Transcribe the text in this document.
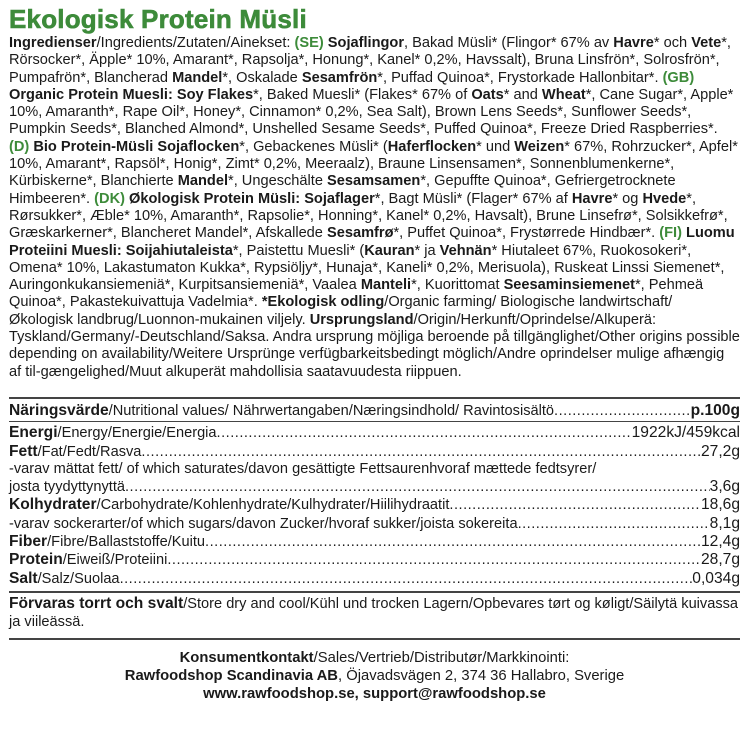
Ekologisk Protein Müsli
Ingredienser/Ingredients/Zutaten/Ainekset: (SE) Sojaflingor, Bakad Müsli* (Flingor* 67% av Havre* och Vete*, Rörsocker*, Äpple* 10%, Amarant*, Rapsolja*, Honung*, Kanel* 0,2%, Havssalt), Bruna Linsfrön*, Solrosfrön*, Pumpafrön*, Blancherad Mandel*, Oskalade Sesamfrön*, Puffad Quinoa*, Frystorkade Hallonbitar*. (GB) Organic Protein Muesli: Soy Flakes*, Baked Muesli* (Flakes* 67% of Oats* and Wheat*, Cane Sugar*, Apple* 10%, Amaranth*, Rape Oil*, Honey*, Cinnamon* 0,2%, Sea Salt), Brown Lens Seeds*, Sunflower Seeds*, Pumpkin Seeds*, Blanched Almond*, Unshelled Sesame Seeds*, Puffed Quinoa*, Freeze Dried Raspberries*. (D) Bio Protein-Müsli Sojaflocken*, Gebackenes Müsli* (Haferflocken* und Weizen* 67%, Rohrzucker*, Apfel* 10%, Amarant*, Rapsöl*, Honig*, Zimt* 0,2%, Meeraalz), Braune Linsensamen*, Sonnenblumenkerne*, Kürbiskerne*, Blanchierte Mandel*, Ungeschälte Sesamsamen*, Gepuffte Quinoa*, Gefriergetrocknete Himbeeren*. (DK) Økologisk Protein Müsli: Sojaflager*, Bagt Müsli* (Flager* 67% af Havre* og Hvede*, Rørsukker*, Æble* 10%, Amaranth*, Rapsolie*, Honning*, Kanel* 0,2%, Havsalt), Brune Linsefrø*, Solsikkefrø*, Græskarkerner*, Blancheret Mandel*, Afskallede Sesamfrø*, Puffet Quinoa*, Frystørrede Hindbær*. (FI) Luomu Proteiini Muesli: Soijahiutaleista*, Paistettu Muesli* (Kauran* ja Vehnän* Hiutaleet 67%, Ruokosokeri*, Omena* 10%, Lakastumaton Kukka*, Rypsiöljy*, Hunaja*, Kaneli* 0,2%, Merisuola), Ruskeat Linssi Siemenet*, Auringonkukansiemeniä*, Kurpitsansiemeniä*, Vaalea Manteli*, Kuorittomat Seesaminsiemenet*, Pehmeä Quinoa*, Pakastekuivattuja Vadelmia*. *Ekologisk odling/Organic farming/ Biologische landwirtschaft/ Økologisk landbrug/Luonnon-mukainen viljely. Ursprungsland/Origin/Herkunft/Oprindelse/Alkuperä: Tyskland/Germany/-Deutschland/Saksa. Andra ursprung möjliga beroende på tillgänglighet/Other origins possible depending on availability/Weitere Ursprünge verfügbarkeitsbedingt möglich/Andre oprindelser mulige afhængig af til-gængelighed/Muut alkuperät mahdollisia saatavuudesta riippuen.
Näringsvärde/Nutritional values/ Nährwertangaben/Næringsindhold/ Ravintosisältö .....	p.100g
Energi/Energy/Energie/Energia .....	1922kJ/459kcal
Fett/Fat/Fedt/Rasva .....	27,2g
-varav mättat fett/ of which saturates/davon gesättigte Fettsaurenhvoraf mættede fedtsyrer/
josta tyydyttynyttä .....	3,6g
Kolhydrater/Carbohydrate/Kohlenhydrate/Kulhydrater/Hiilihydraatit .....	18,6g
-varav sockerarter/of which sugars/davon Zucker/hvoraf sukker/joista sokereita .....	8,1g
Fiber/Fibre/Ballaststoffe/Kuitu .....	12,4g
Protein/Eiweiß/Proteiini .....	28,7g
Salt/Salz/Suolaa .....	0,034g
Förvaras torrt och svalt/Store dry and cool/Kühl und trocken Lagern/Opbevares tørt og køligt/Säilytä kuivassa ja viileässä.
Konsumentkontakt/Sales/Vertrieb/Distributør/Markkinointi:
Rawfoodshop Scandinavia AB, Öjavadsvägen 2, 374 36 Hallabro, Sverige
www.rawfoodshop.se, support@rawfoodshop.se
